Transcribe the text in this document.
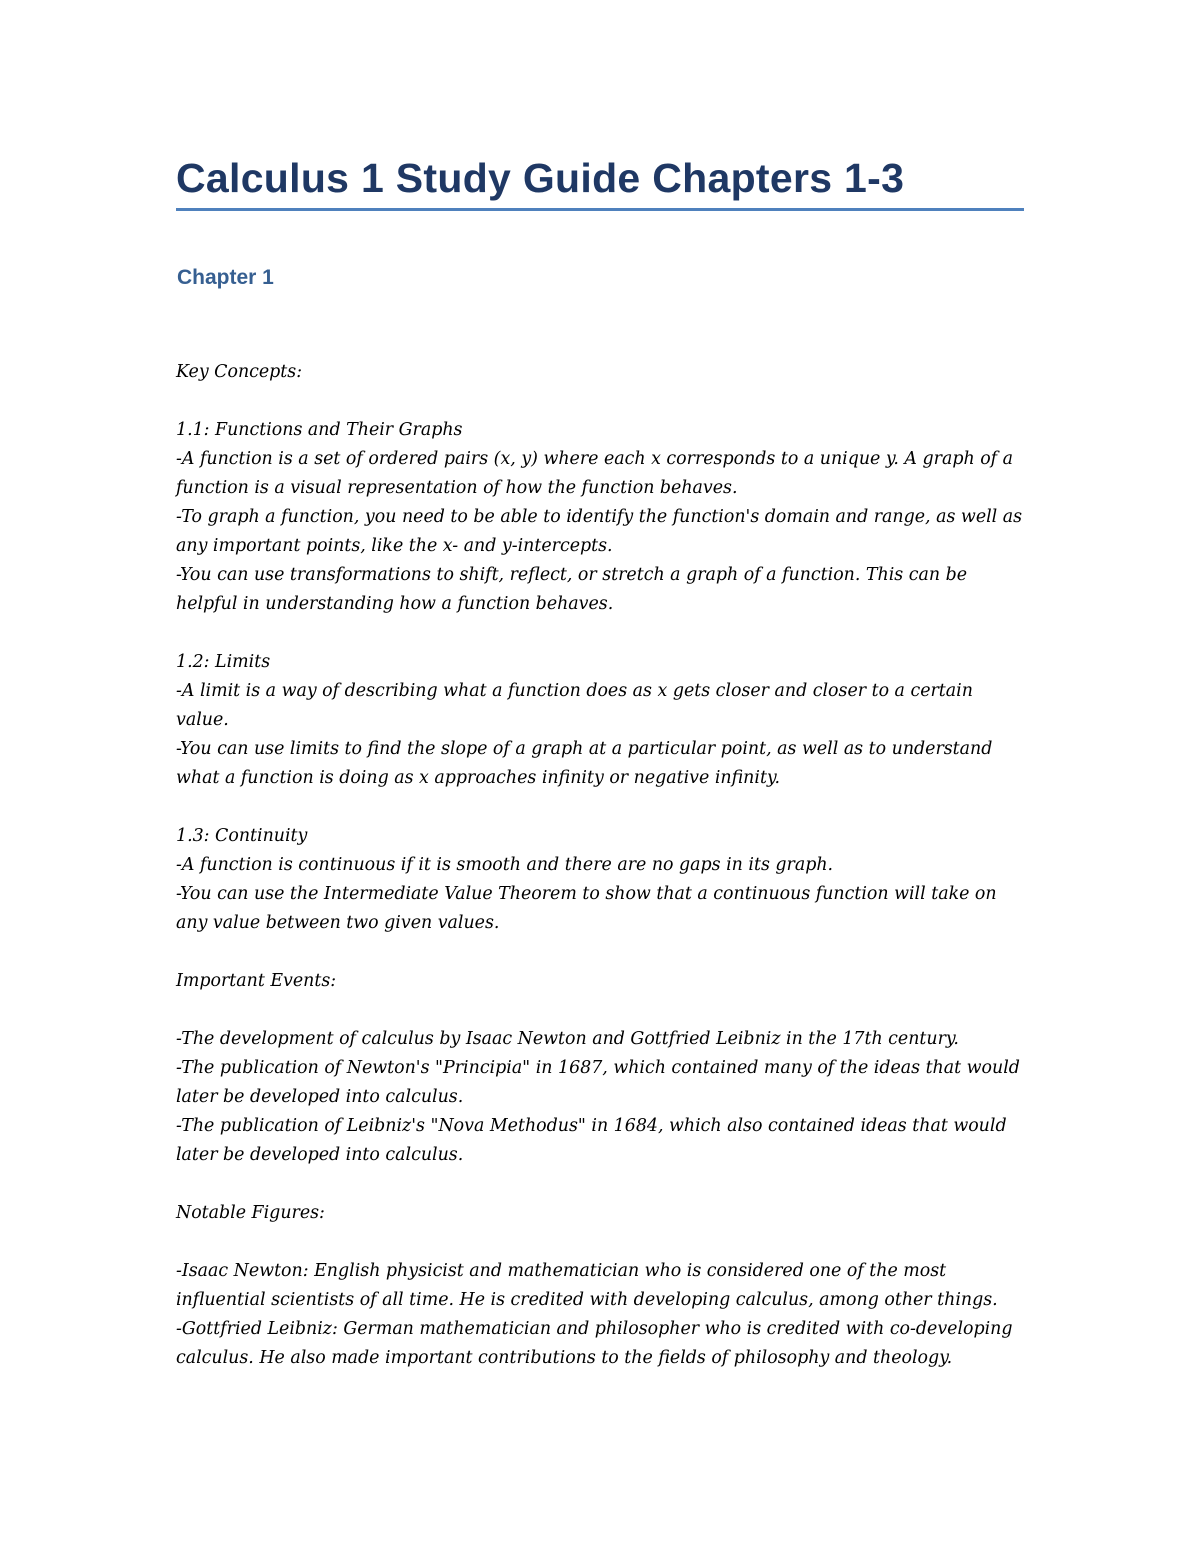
Calculus 1 Study Guide Chapters 1-3
Chapter 1

Key Concepts:

1.1: Functions and Their Graphs

-A function is a set of ordered pairs (x, y) where each x corresponds to a unique y. A graph of a function is a visual representation of how the function behaves.

-To graph a function, you need to be able to identify the function's domain and range, as well as any important points, like the x- and y-intercepts.

-You can use transformations to shift, reflect, or stretch a graph of a function. This can be helpful in understanding how a function behaves.

1.2: Limits

-A limit is a way of describing what a function does as x gets closer and closer to a certain value.

-You can use limits to find the slope of a graph at a particular point, as well as to understand what a function is doing as x approaches infinity or negative infinity.

1.3: Continuity

-A function is continuous if it is smooth and there are no gaps in its graph.

-You can use the Intermediate Value Theorem to show that a continuous function will take on any value between two given values.

Important Events:

-The development of calculus by Isaac Newton and Gottfried Leibniz in the 17th century.

-The publication of Newton's "Principia" in 1687, which contained many of the ideas that would later be developed into calculus.

-The publication of Leibniz's "Nova Methodus" in 1684, which also contained ideas that would later be developed into calculus.

Notable Figures:

-Isaac Newton: English physicist and mathematician who is considered one of the most influential scientists of all time. He is credited with developing calculus, among other things.

-Gottfried Leibniz: German mathematician and philosopher who is credited with co-developing calculus. He also made important contributions to the fields of philosophy and theology.
